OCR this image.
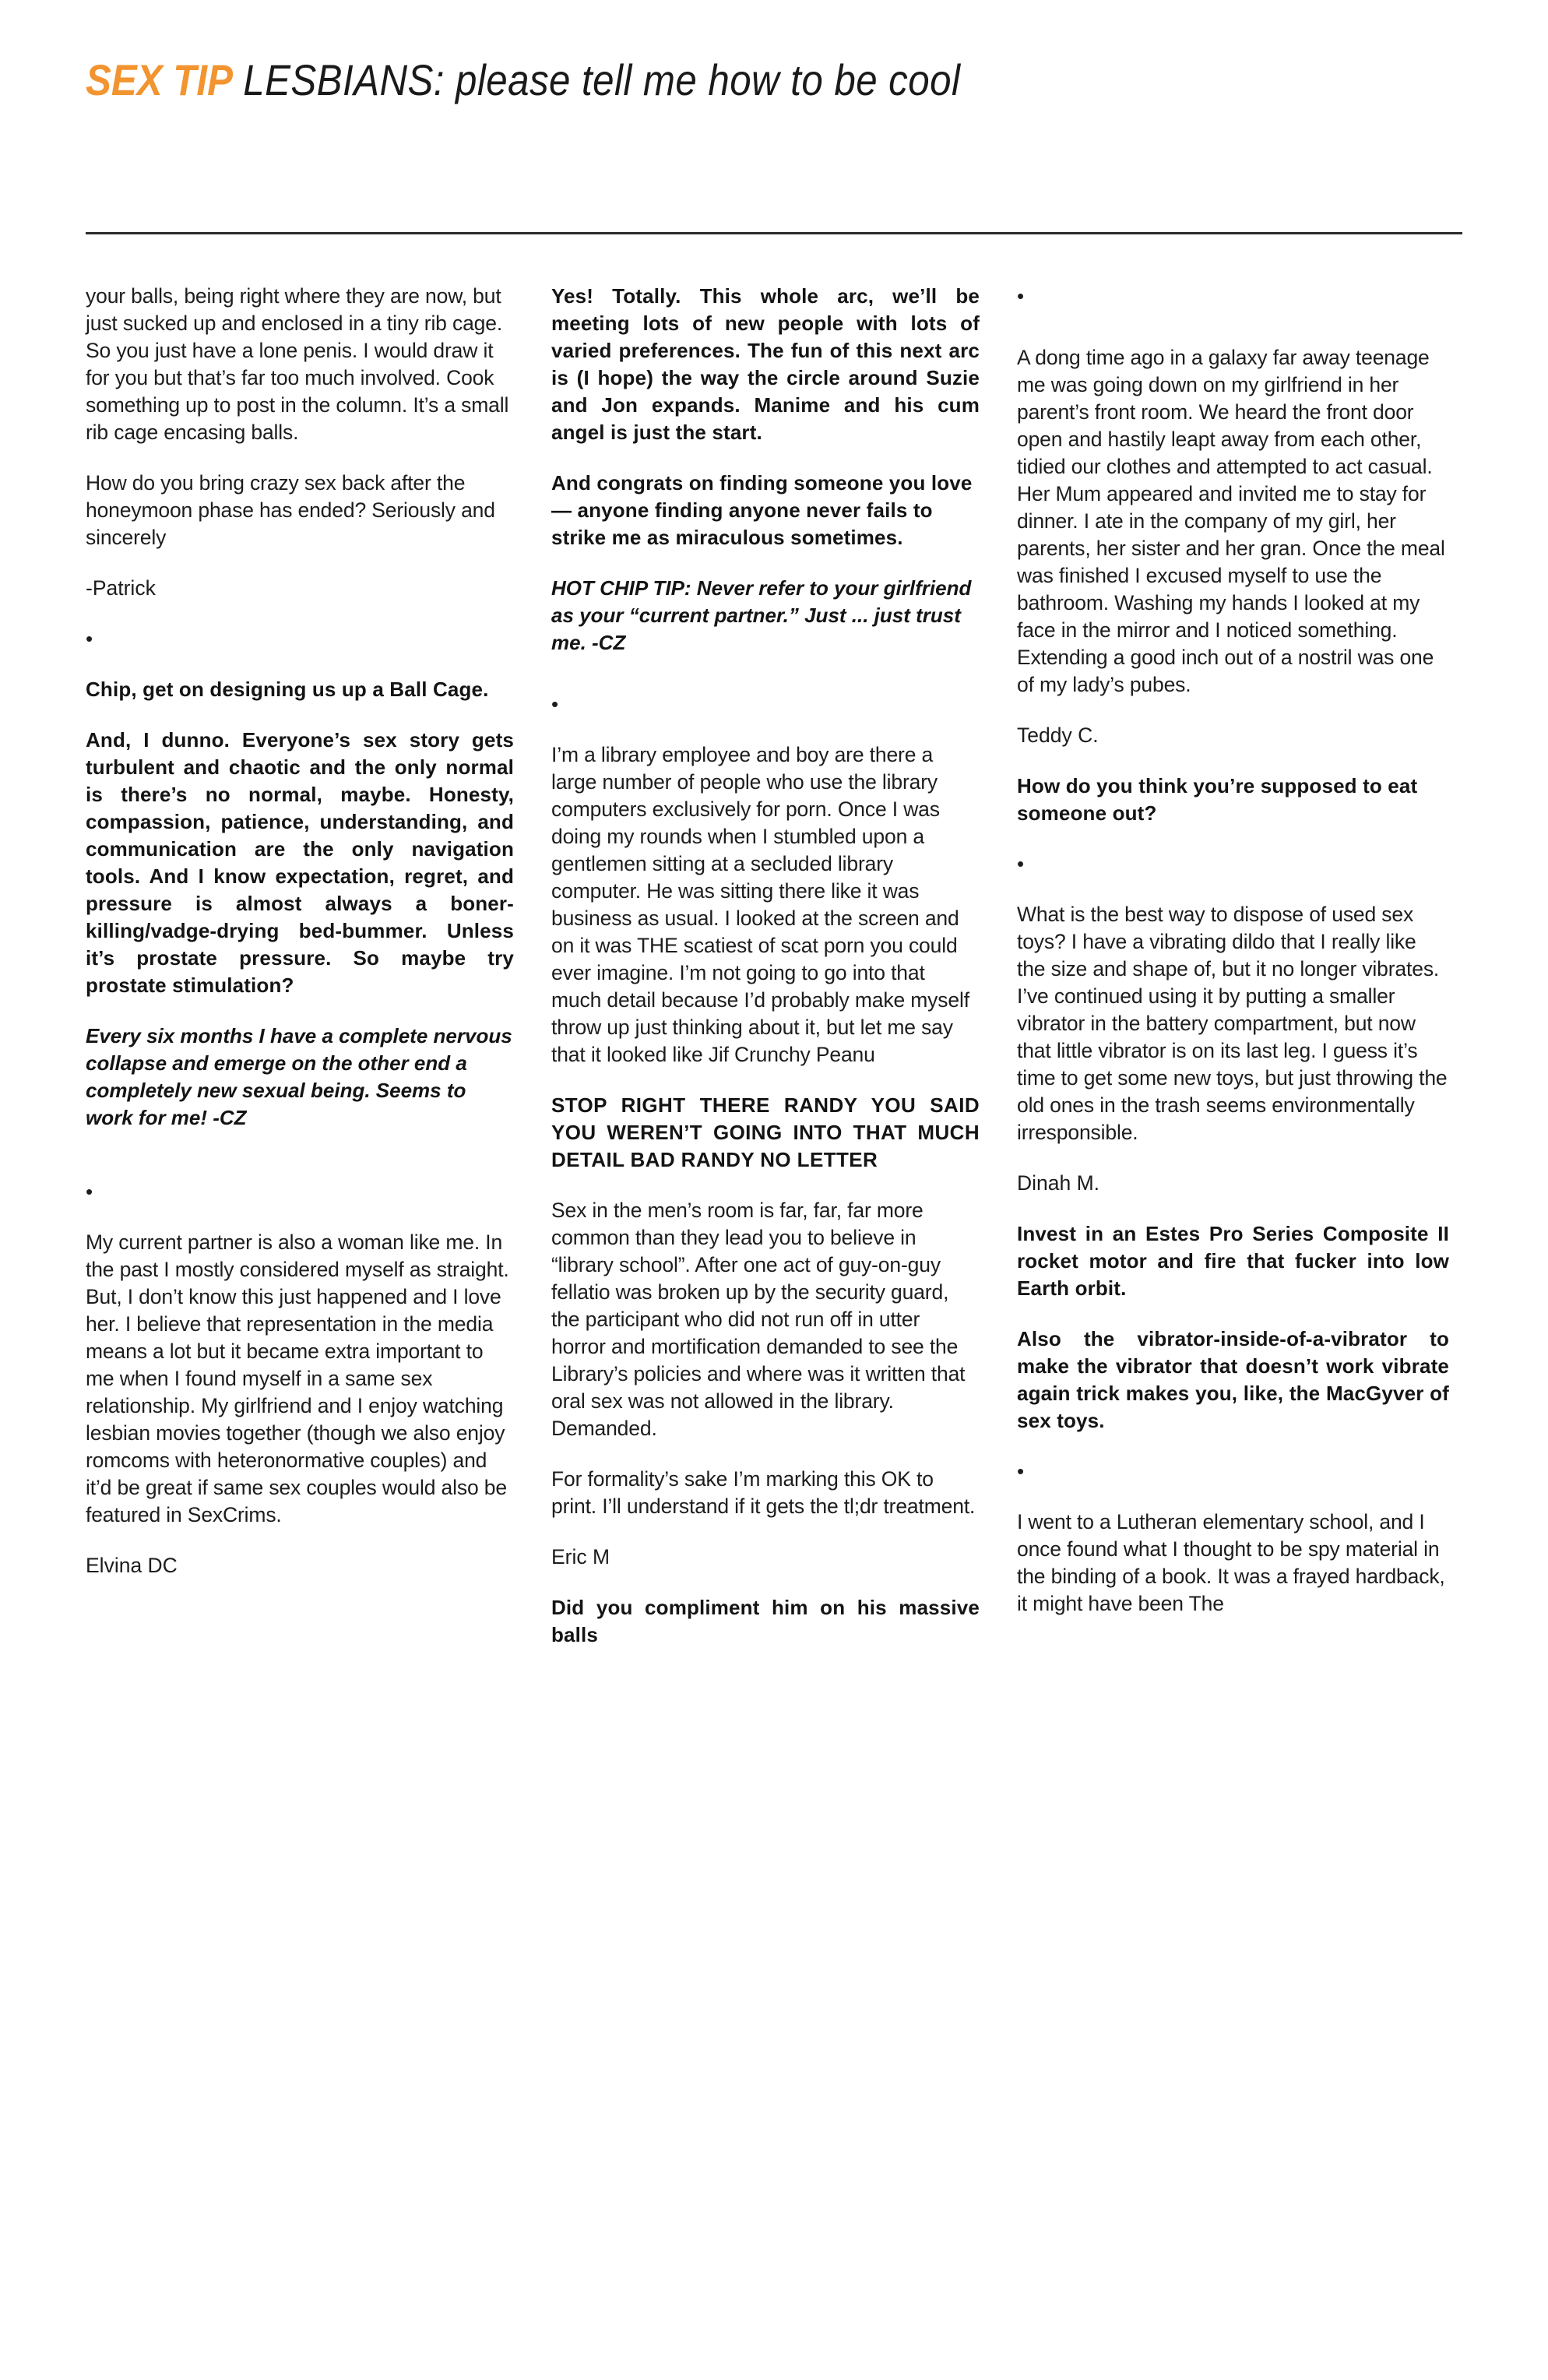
SEX TIP LESBIANS: please tell me how to be cool

your balls, being right where they are now, but just sucked up and enclosed in a tiny rib cage. So you just have a lone penis. I would draw it for you but that’s far too much involved. Cook something up to post in the column. It’s a small rib cage encasing balls.

How do you bring crazy sex back after the honeymoon phase has ended? Seriously and sincerely

-Patrick

•

Chip, get on designing us up a Ball Cage.

And, I dunno. Everyone’s sex story gets turbulent and chaotic and the only normal is there’s no normal, maybe. Honesty, compassion, patience, understanding, and communication are the only navigation tools. And I know expectation, regret, and pressure is almost always a boner-killing/vadge-drying bed-bummer. Unless it’s prostate pressure. So maybe try prostate stimulation?

Every six months I have a complete nervous collapse and emerge on the other end a completely new sexual being. Seems to work for me! -CZ

•

My current partner is also a woman like me. In the past I mostly considered myself as straight. But, I don’t know this just happened and I love her. I believe that representation in the media means a lot but it became extra important to me when I found myself in a same sex relationship. My girlfriend and I enjoy watching lesbian movies together (though we also enjoy romcoms with heteronormative couples) and it’d be great if same sex couples would also be featured in SexCrims.

Elvina DC

Yes! Totally. This whole arc, we’ll be meeting lots of new people with lots of varied preferences. The fun of this next arc is (I hope) the way the circle around Suzie and Jon expands. Manime and his cum angel is just the start.

And congrats on finding someone you love — anyone finding anyone never fails to strike me as miraculous sometimes.

HOT CHIP TIP: Never refer to your girlfriend as your “current partner.” Just ... just trust me. -CZ

•

I’m a library employee and boy are there a large number of people who use the library computers exclusively for porn. Once I was doing my rounds when I stumbled upon a gentlemen sitting at a secluded library computer. He was sitting there like it was business as usual. I looked at the screen and on it was THE scatiest of scat porn you could ever imagine. I’m not going to go into that much detail because I’d probably make myself throw up just thinking about it, but let me say that it looked like Jif Crunchy Peanu

STOP RIGHT THERE RANDY YOU SAID YOU WEREN’T GOING INTO THAT MUCH DETAIL BAD RANDY NO LETTER

Sex in the men’s room is far, far, far more common than they lead you to believe in “library school”. After one act of guy-on-guy fellatio was broken up by the security guard, the participant who did not run off in utter horror and mortification demanded to see the Library’s policies and where was it written that oral sex was not allowed in the library. Demanded.

For formality’s sake I’m marking this OK to print. I’ll understand if it gets the tl;dr treatment.

Eric M

Did you compliment him on his massive balls

•

A dong time ago in a galaxy far away teenage me was going down on my girlfriend in her parent’s front room. We heard the front door open and hastily leapt away from each other, tidied our clothes and attempted to act casual. Her Mum appeared and invited me to stay for dinner. I ate in the company of my girl, her parents, her sister and her gran. Once the meal was finished I excused myself to use the bathroom. Washing my hands I looked at my face in the mirror and I noticed something. Extending a good inch out of a nostril was one of my lady’s pubes.

Teddy C.

How do you think you’re supposed to eat someone out?

•

What is the best way to dispose of used sex toys? I have a vibrating dildo that I really like the size and shape of, but it no longer vibrates. I’ve continued using it by putting a smaller vibrator in the battery compartment, but now that little vibrator is on its last leg. I guess it’s time to get some new toys, but just throwing the old ones in the trash seems environmentally irresponsible.

Dinah M.

Invest in an Estes Pro Series Composite II rocket motor and fire that fucker into low Earth orbit.

Also the vibrator-inside-of-a-vibrator to make the vibrator that doesn’t work vibrate again trick makes you, like, the MacGyver of sex toys.

•

I went to a Lutheran elementary school, and I once found what I thought to be spy material in the binding of a book. It was a frayed hardback, it might have been The
